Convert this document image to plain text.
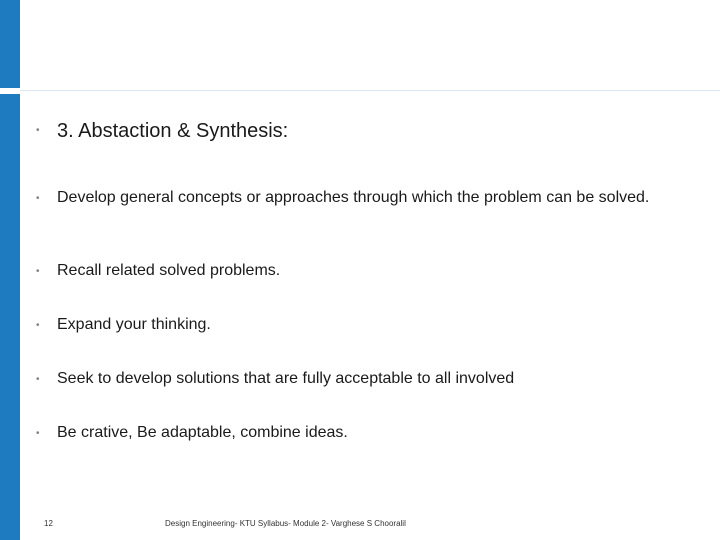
• 3. Abstaction & Synthesis:
•	Develop general concepts or approaches through which the problem can be solved.
•	Recall related solved problems.
•	Expand your thinking.
•	Seek to develop solutions that are fully acceptable to all involved
•	Be crative, Be adaptable, combine ideas.
12	Design Engineering- KTU Syllabus- Module 2- Varghese S Chooralil
